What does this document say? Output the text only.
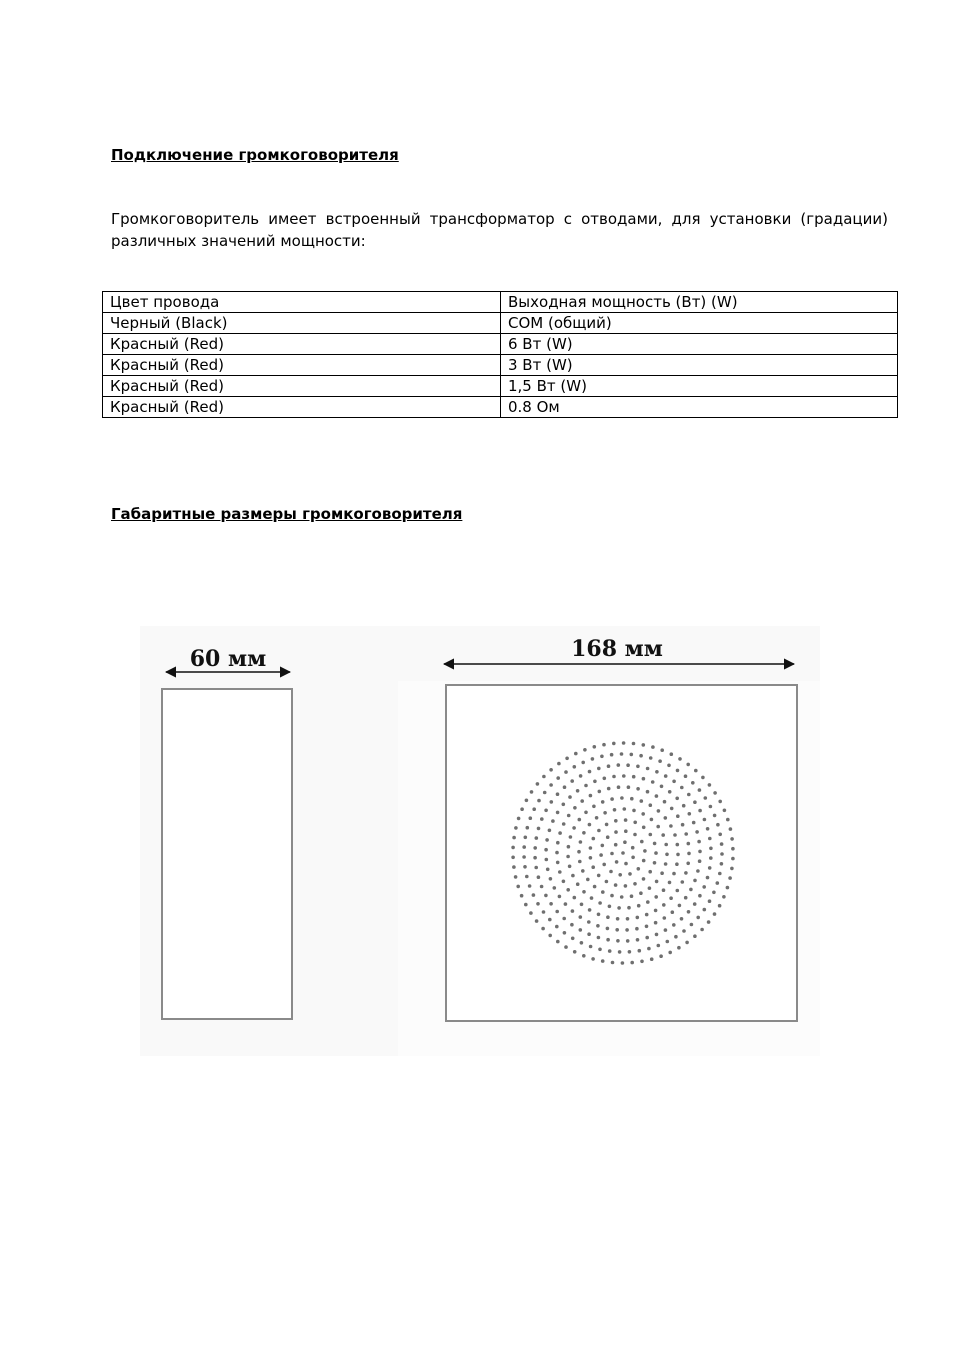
Подключение громкоговорителя

Громкоговоритель имеет встроенный трансформатор с отводами, для установки (градации) различных значений мощности:

Цвет провода	Выходная мощность (Вт) (W)
Черный (Black)	COM (общий)
Красный (Red)	6 Вт (W)
Красный (Red)	3 Вт (W)
Красный (Red)	1,5 Вт (W)
Красный (Red)	0.8 Ом
Габаритные размеры громкоговорителя
60 мм	168 мм
